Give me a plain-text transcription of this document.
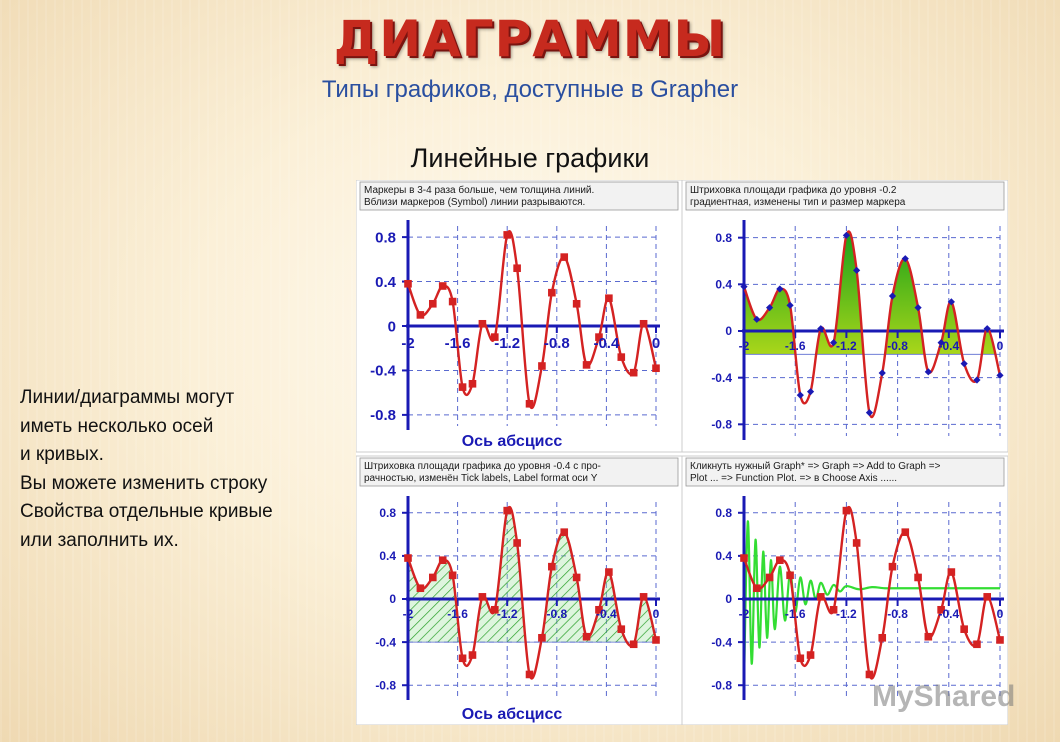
ДИАГРАММЫ
Типы графиков, доступные в Grapher
Линейные графики
Линии/диаграммы могут
иметь несколько осей
и кривых.
Вы можете изменить строку
Свойства отдельные кривые
или заполнить их.
Маркеры в 3-4 раза больше, чем толщина линий.
Вблизи маркеров (Symbol) линии разрываются.
0.8
0.4
0
-0.4
-0.8
-2 -1.6 -1.2 -0.8 -0.4 0
Ось абсцисс
Штриховка площади графика до уровня -0.2
градиентная, изменены тип и размер маркера
0.8
0.4
0
-0.4
-0.8
-2	-1.6	-1.2	-0.8	-0.4	0
Штриховка площади графика до уровня -0.4 с про-
рачностью, изменён Tick labels, Label format оси Y
0.8
0.4
0
-0.4
-0.8
-2	-1.6 -1.2 -0.8 -0.4	0
Ось абсцисс
Кликнуть нужный Graph* => Graph => Add to Graph =>
Plot ... => Function Plot. => в Choose Axis ......
0.8
0.4
0
-0.4
-0.8
-2	-1.6	-1.2	-0.8	-0.4	0
MyShared
